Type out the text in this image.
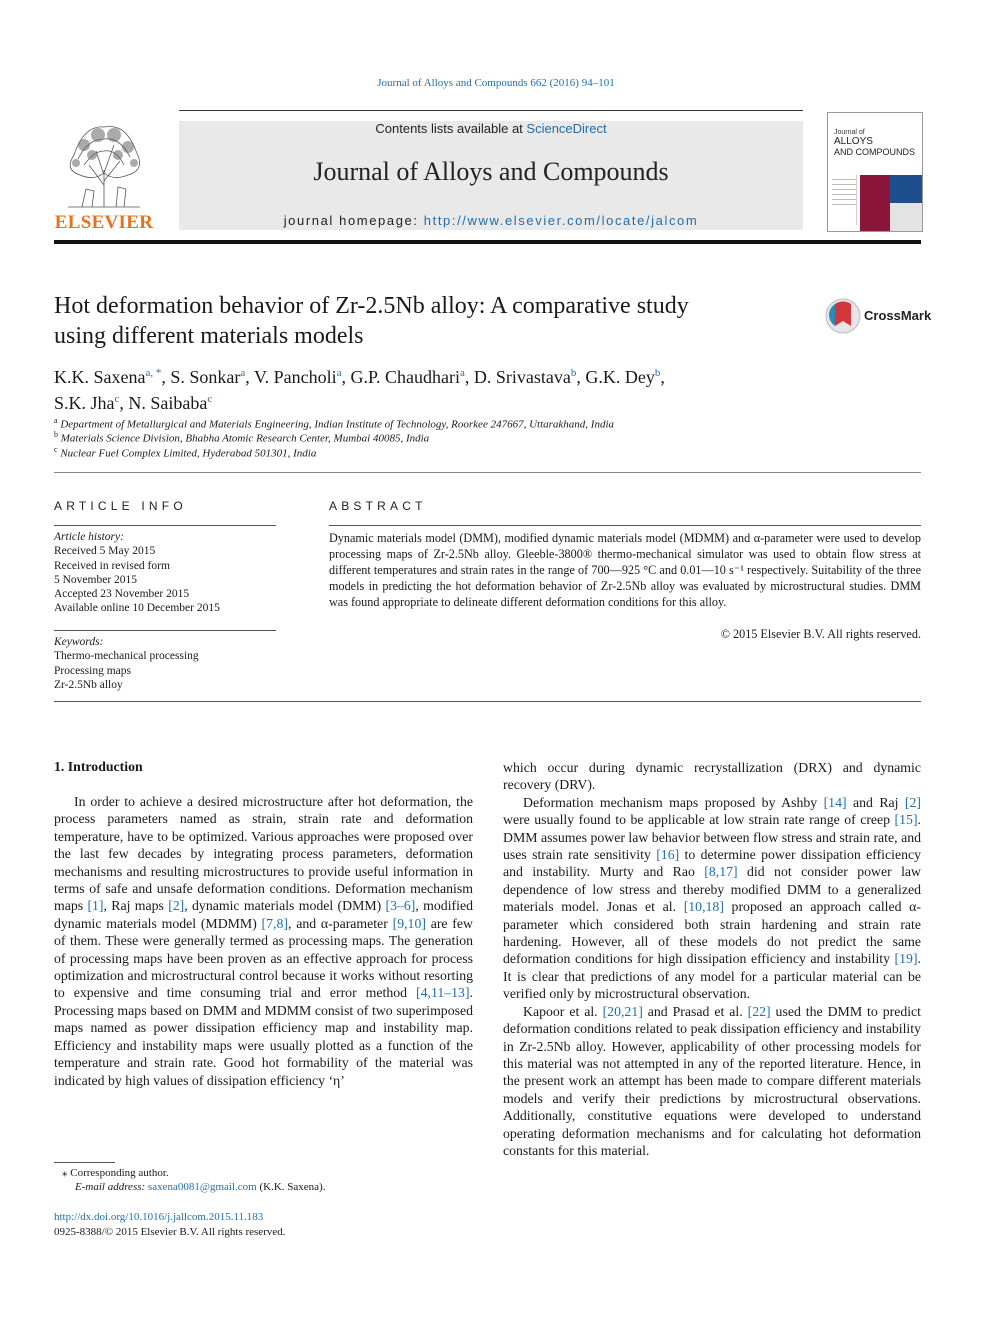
Journal of Alloys and Compounds 662 (2016) 94–101
ELSEVIER
Contents lists available at ScienceDirect
Journal of Alloys and Compounds
journal homepage: http://www.elsevier.com/locate/jalcom
Journal of
ALLOYS
AND COMPOUNDS
Hot deformation behavior of Zr-2.5Nb alloy: A comparative study
using different materials models
CrossMark
K.K. Saxena$^{a, *}$, S. Sonkar$^a$, V. Pancholi$^a$, G.P. Chaudhari$^a$, D. Srivastava$^b$, G.K. Dey$^b$,
S.K. Jha$^c$, N. Saibaba$^c$
$^a$ Department of Metallurgical and Materials Engineering, Indian Institute of Technology, Roorkee 247667, Uttarakhand, India
$^b$ Materials Science Division, Bhabha Atomic Research Center, Mumbai 40085, India
$^c$ Nuclear Fuel Complex Limited, Hyderabad 501301, India
ARTICLE INFO
Article history:
Received 5 May 2015
Received in revised form
5 November 2015
Accepted 23 November 2015
Available online 10 December 2015
Keywords:
Thermo-mechanical processing
Processing maps
Zr-2.5Nb alloy
ABSTRACT
Dynamic materials model (DMM), modified dynamic materials model (MDMM) and α-parameter were used to develop processing maps of Zr-2.5Nb alloy. Gleeble-3800® thermo-mechanical simulator was used to obtain flow stress at different temperatures and strain rates in the range of 700—925 °C and 0.01—10 s⁻¹ respectively. Suitability of the three models in predicting the hot deformation behavior of Zr-2.5Nb alloy was evaluated by microstructural studies. DMM was found appropriate to delineate different deformation conditions for this alloy.
© 2015 Elsevier B.V. All rights reserved.
1. Introduction

In order to achieve a desired microstructure after hot deformation, the process parameters named as strain, strain rate and deformation temperature, have to be optimized. Various approaches were proposed over the last few decades by integrating process parameters, deformation mechanisms and resulting microstructures to provide useful information in terms of safe and unsafe deformation conditions. Deformation mechanism maps [1], Raj maps [2], dynamic materials model (DMM) [3–6], modified dynamic materials model (MDMM) [7,8], and α-parameter [9,10] are few of them. These were generally termed as processing maps. The generation of processing maps have been proven as an effective approach for process optimization and microstructural control because it works without resorting to expensive and time consuming trial and error method [4,11–13]. Processing maps based on DMM and MDMM consist of two superimposed maps named as power dissipation efficiency map and instability map. Efficiency and instability maps were usually plotted as a function of the temperature and strain rate. Good hot formability of the material was indicated by high values of dissipation efficiency ‘η’

which occur during dynamic recrystallization (DRX) and dynamic recovery (DRV).

Deformation mechanism maps proposed by Ashby [14] and Raj [2] were usually found to be applicable at low strain rate range of creep [15]. DMM assumes power law behavior between flow stress and strain rate, and uses strain rate sensitivity [16] to determine power dissipation efficiency and instability. Murty and Rao [8,17] did not consider power law dependence of low stress and thereby modified DMM to a generalized materials model. Jonas et al. [10,18] proposed an approach called α-parameter which considered both strain hardening and strain rate hardening. However, all of these models do not predict the same deformation conditions for high dissipation efficiency and instability [19]. It is clear that predictions of any model for a particular material can be verified only by microstructural observation.

Kapoor et al. [20,21] and Prasad et al. [22] used the DMM to predict deformation conditions related to peak dissipation efficiency and instability in Zr-2.5Nb alloy. However, applicability of other processing models for this material was not attempted in any of the reported literature. Hence, in the present work an attempt has been made to compare different materials models and verify their predictions by microstructural observations. Additionally, constitutive equations were developed to understand operating deformation mechanisms and for calculating hot deformation constants for this material.

⁎ Corresponding author.
E-mail address: saxena0081@gmail.com (K.K. Saxena).
http://dx.doi.org/10.1016/j.jallcom.2015.11.183
0925-8388/© 2015 Elsevier B.V. All rights reserved.
